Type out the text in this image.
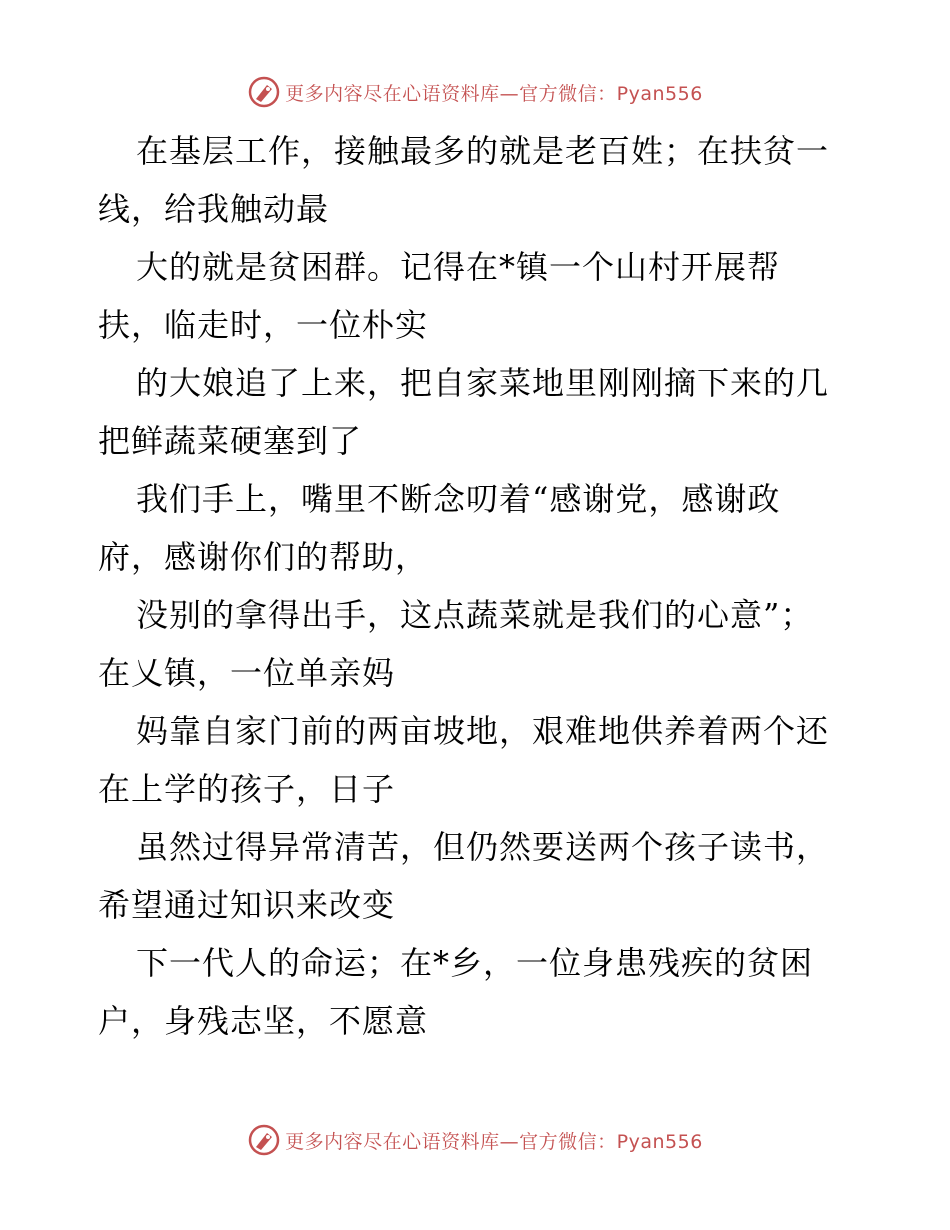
更多内容尽在心语资料库—官方微信：Pyan556
在基层工作，接触最多的就是老百姓；在扶贫一
线，给我触动最
大的就是贫困群。记得在*镇一个山村开展帮
扶，临走时，一位朴实
的大娘追了上来，把自家菜地里刚刚摘下来的几
把鲜蔬菜硬塞到了
我们手上，嘴里不断念叨着“感谢党，感谢政
府，感谢你们的帮助，
没别的拿得出手，这点蔬菜就是我们的心意”；
在乂镇，一位单亲妈
妈靠自家门前的两亩坡地，艰难地供养着两个还
在上学的孩子，日子
虽然过得异常清苦，但仍然要送两个孩子读书，
希望通过知识来改变
下一代人的命运；在*乡，一位身患残疾的贫困
户，身残志坚，不愿意
更多内容尽在心语资料库—官方微信：Pyan556
